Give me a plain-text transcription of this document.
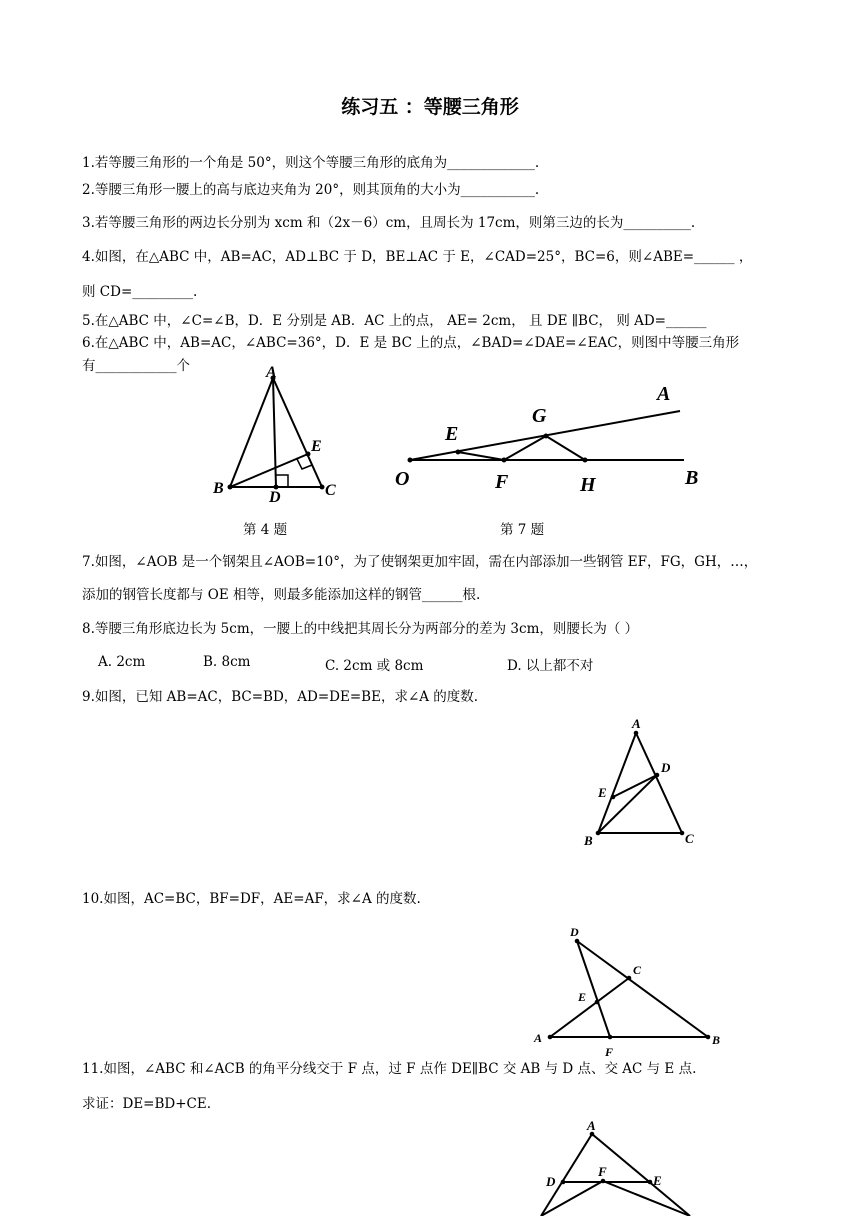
练习五 ：等腰三角形
1.若等腰三角形的一个角是 50°，则这个等腰三角形的底角为_____________.
2.等腰三角形一腰上的高与底边夹角为 20°，则其顶角的大小为___________.
3.若等腰三角形的两边长分别为 xcm 和（2x－6）cm，且周长为 17cm，则第三边的长为__________.
4.如图，在△ABC 中，AB=AC，AD⊥BC 于 D，BE⊥AC 于 E，∠CAD=25°，BC=6，则∠ABE=______ ，
则 CD=_________.
5.在△ABC 中，∠C=∠B，D．E 分别是 AB．AC 上的点， AE= 2cm， 且 DE ∥BC， 则 AD=______
6.在△ABC 中，AB=AC，∠ABC=36°，D．E 是 BC 上的点，∠BAD=∠DAE=∠EAC，则图中等腰三角形
有____________个	A
B	C
D
E
O
E
F
G
H
A
B
第 4 题	第 7 题
7.如图，∠AOB 是一个钢架且∠AOB=10°，为了使钢架更加牢固，需在内部添加一些钢管 EF，FG，GH，…，
添加的钢管长度都与 OE 相等，则最多能添加这样的钢管______根.
8.等腰三角形底边长为 5cm，一腰上的中线把其周长分为两部分的差为 3cm，则腰长为（ ）
A. 2cm	B. 8cm	C. 2cm 或 8cm	D. 以上都不对
9.如图，已知 AB=AC，BC=BD，AD=DE=BE，求∠A 的度数.
A
B	C
D
E
10.如图，AC=BC，BF=DF，AE=AF，求∠A 的度数.
A	B
C
D
E
F
11.如图，∠ABC 和∠ACB 的角平分线交于 F 点，过 F 点作 DE∥BC 交 AB 与 D 点、交 AC 与 E 点.
求证：DE=BD+CE.
A
D	E
F
